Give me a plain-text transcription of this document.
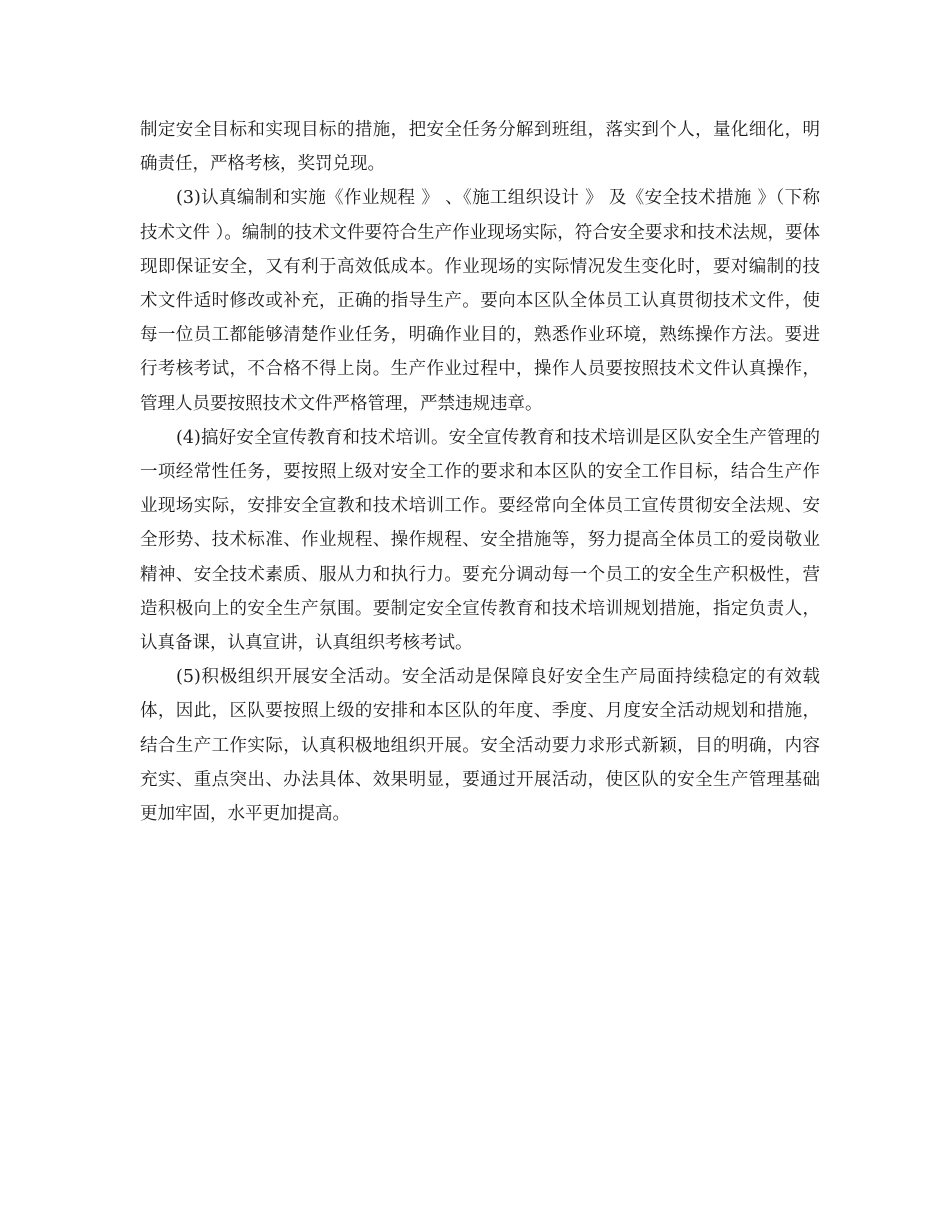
制定安全目标和实现目标的措施，把安全任务分解到班组，落实到个人，量化细化，明确责任，严格考核，奖罚兑现。

(3)认真编制和实施《作业规程 》 、《施工组织设计 》 及《安全技术措施 》（下称技术文件 ）。编制的技术文件要符合生产作业现场实际，符合安全要求和技术法规，要体现即保证安全，又有利于高效低成本。作业现场的实际情况发生变化时，要对编制的技术文件适时修改或补充，正确的指导生产。要向本区队全体员工认真贯彻技术文件，使每一位员工都能够清楚作业任务，明确作业目的，熟悉作业环境，熟练操作方法。要进行考核考试，不合格不得上岗。生产作业过程中，操作人员要按照技术文件认真操作，管理人员要按照技术文件严格管理，严禁违规违章。

(4)搞好安全宣传教育和技术培训。安全宣传教育和技术培训是区队安全生产管理的一项经常性任务，要按照上级对安全工作的要求和本区队的安全工作目标，结合生产作业现场实际，安排安全宣教和技术培训工作。要经常向全体员工宣传贯彻安全法规、安全形势、技术标准、作业规程、操作规程、安全措施等，努力提高全体员工的爱岗敬业精神、安全技术素质、服从力和执行力。要充分调动每一个员工的安全生产积极性，营造积极向上的安全生产氛围。要制定安全宣传教育和技术培训规划措施，指定负责人，认真备课，认真宣讲，认真组织考核考试。

(5)积极组织开展安全活动。安全活动是保障良好安全生产局面持续稳定的有效载体，因此，区队要按照上级的安排和本区队的年度、季度、月度安全活动规划和措施，结合生产工作实际，认真积极地组织开展。安全活动要力求形式新颖，目的明确，内容充实、重点突出、办法具体、效果明显，要通过开展活动，使区队的安全生产管理基础更加牢固，水平更加提高。
